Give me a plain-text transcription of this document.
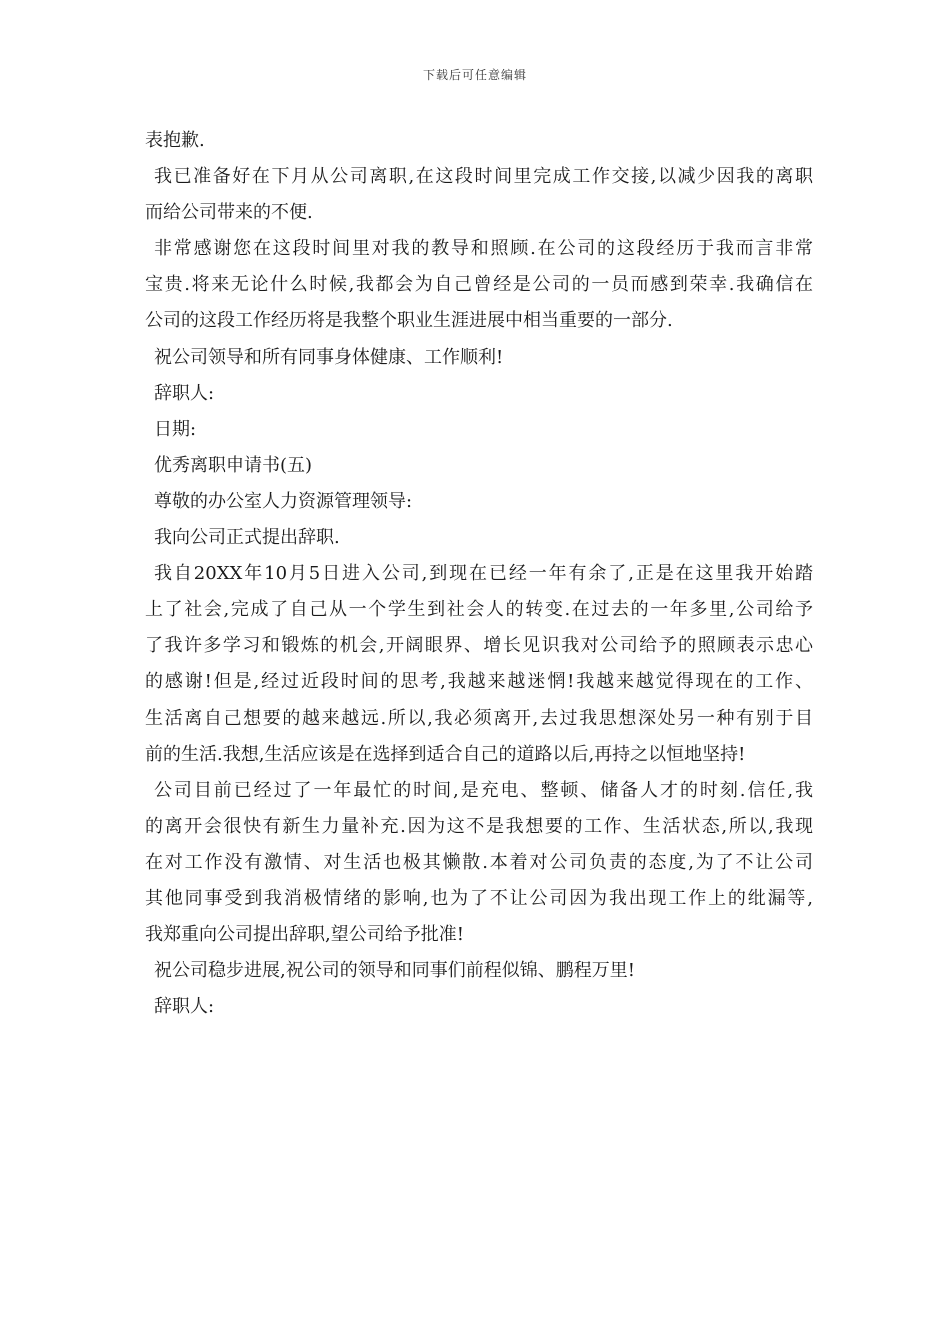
下载后可任意编辑
表抱歉.
我已准备好在下月从公司离职,在这段时间里完成工作交接,以减少因我的离职
而给公司带来的不便.
非常感谢您在这段时间里对我的教导和照顾.在公司的这段经历于我而言非常
宝贵.将来无论什么时候,我都会为自己曾经是公司的一员而感到荣幸.我确信在
公司的这段工作经历将是我整个职业生涯进展中相当重要的一部分.
祝公司领导和所有同事身体健康、工作顺利!
辞职人:
日期:
优秀离职申请书(五)
尊敬的办公室人力资源管理领导:
我向公司正式提出辞职.
我自20XX年10月5日进入公司,到现在已经一年有余了,正是在这里我开始踏
上了社会,完成了自己从一个学生到社会人的转变.在过去的一年多里,公司给予
了我许多学习和锻炼的机会,开阔眼界、增长见识我对公司给予的照顾表示忠心
的感谢!但是,经过近段时间的思考,我越来越迷惘!我越来越觉得现在的工作、
生活离自己想要的越来越远.所以,我必须离开,去过我思想深处另一种有别于目
前的生活.我想,生活应该是在选择到适合自己的道路以后,再持之以恒地坚持!
公司目前已经过了一年最忙的时间,是充电、整顿、储备人才的时刻.信任,我
的离开会很快有新生力量补充.因为这不是我想要的工作、生活状态,所以,我现
在对工作没有激情、对生活也极其懒散.本着对公司负责的态度,为了不让公司
其他同事受到我消极情绪的影响,也为了不让公司因为我出现工作上的纰漏等,
我郑重向公司提出辞职,望公司给予批准!
祝公司稳步进展,祝公司的领导和同事们前程似锦、鹏程万里!
辞职人:
